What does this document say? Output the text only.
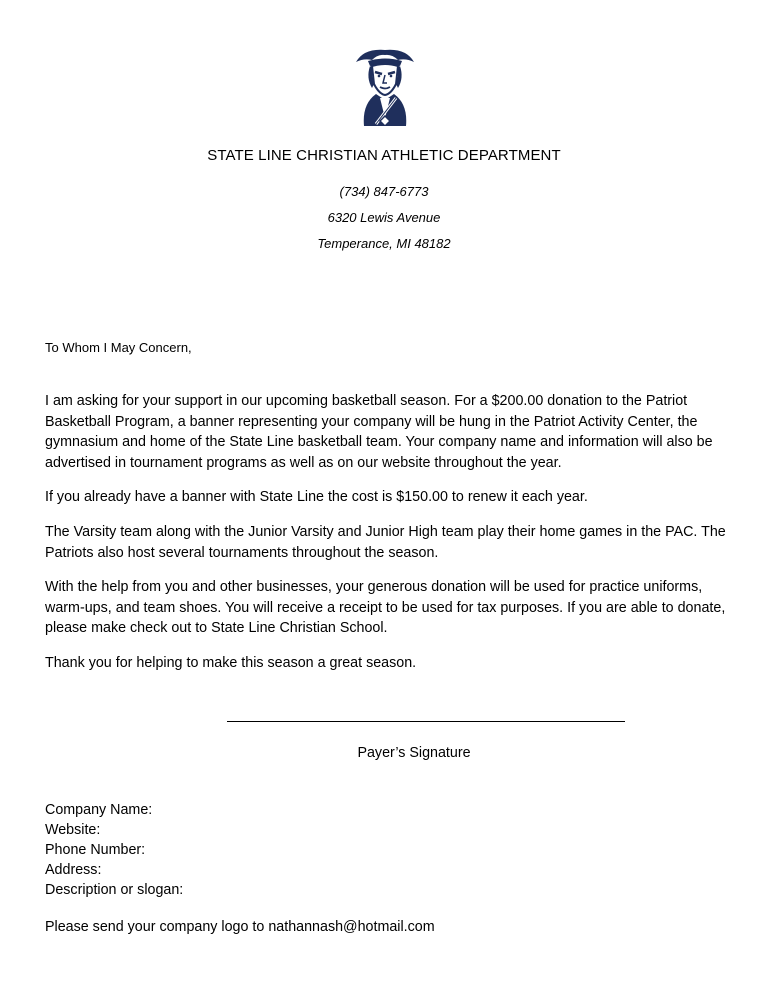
STATE LINE CHRISTIAN ATHLETIC DEPARTMENT
(734) 847-6773
6320 Lewis Avenue
Temperance, MI 48182
To Whom I May Concern,

I am asking for your support in our upcoming basketball season. For a $200.00 donation to the Patriot Basketball Program, a banner representing your company will be hung in the Patriot Activity Center, the gymnasium and home of the State Line basketball team. Your company name and information will also be advertised in tournament programs as well as on our website throughout the year.

If you already have a banner with State Line the cost is $150.00 to renew it each year.

The Varsity team along with the Junior Varsity and Junior High team play their home games in the PAC. The Patriots also host several tournaments throughout the season.

With the help from you and other businesses, your generous donation will be used for practice uniforms, warm-ups, and team shoes. You will receive a receipt to be used for tax purposes. If you are able to donate, please make check out to State Line Christian School.

Thank you for helping to make this season a great season.

Payer’s Signature
Company Name:
Website:
Phone Number:
Address:
Description or slogan:
Please send your company logo to nathannash@hotmail.com
